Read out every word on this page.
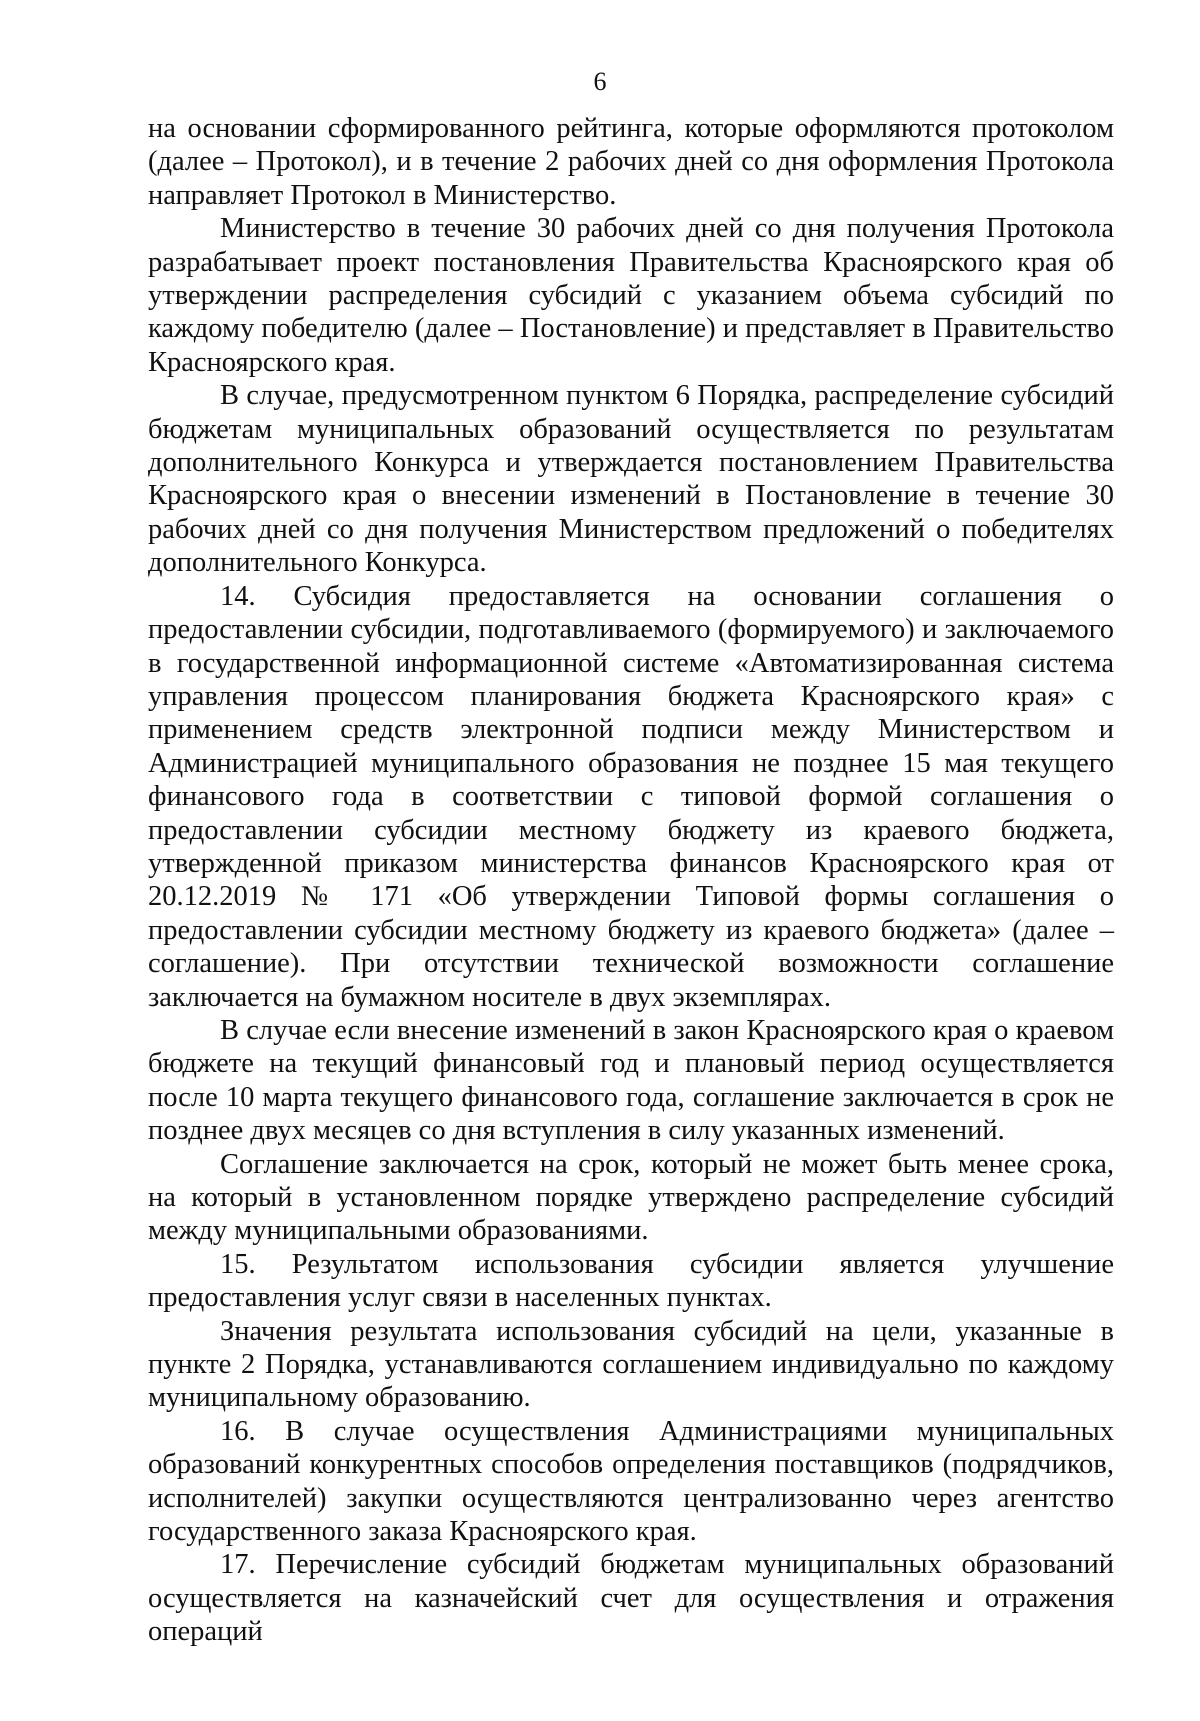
6

на основании сформированного рейтинга, которые оформляются протоколом (далее – Протокол), и в течение 2 рабочих дней со дня оформления Протокола направляет Протокол в Министерство.

Министерство в течение 30 рабочих дней со дня получения Протокола разрабатывает проект постановления Правительства Красноярского края об утверждении распределения субсидий с указанием объема субсидий по каждому победителю (далее – Постановление) и представляет в Правительство Красноярского края.

В случае, предусмотренном пунктом 6 Порядка, распределение субсидий бюджетам муниципальных образований осуществляется по результатам дополнительного Конкурса и утверждается постановлением Правительства Красноярского края о внесении изменений в Постановление в течение 30 рабочих дней со дня получения Министерством предложений о победителях дополнительного Конкурса.

14. Субсидия предоставляется на основании соглашения о предоставлении субсидии, подготавливаемого (формируемого) и заключаемого в государственной информационной системе «Автоматизированная система управления процессом планирования бюджета Красноярского края» с применением средств электронной подписи между Министерством и Администрацией муниципального образования не позднее 15 мая текущего финансового года в соответствии с типовой формой соглашения о предоставлении субсидии местному бюджету из краевого бюджета, утвержденной приказом министерства финансов Красноярского края от 20.12.2019 № 171 «Об утверждении Типовой формы соглашения о предоставлении субсидии местному бюджету из краевого бюджета» (далее – соглашение). При отсутствии технической возможности соглашение заключается на бумажном носителе в двух экземплярах.

В случае если внесение изменений в закон Красноярского края о краевом бюджете на текущий финансовый год и плановый период осуществляется после 10 марта текущего финансового года, соглашение заключается в срок не позднее двух месяцев со дня вступления в силу указанных изменений.

Соглашение заключается на срок, который не может быть менее срока, на который в установленном порядке утверждено распределение субсидий между муниципальными образованиями.

15. Результатом использования субсидии является улучшение предоставления услуг связи в населенных пунктах.

Значения результата использования субсидий на цели, указанные в пункте 2 Порядка, устанавливаются соглашением индивидуально по каждому муниципальному образованию.

16. В случае осуществления Администрациями муниципальных образований конкурентных способов определения поставщиков (подрядчиков, исполнителей) закупки осуществляются централизованно через агентство государственного заказа Красноярского края.

17. Перечисление субсидий бюджетам муниципальных образований осуществляется на казначейский счет для осуществления и отражения операций
